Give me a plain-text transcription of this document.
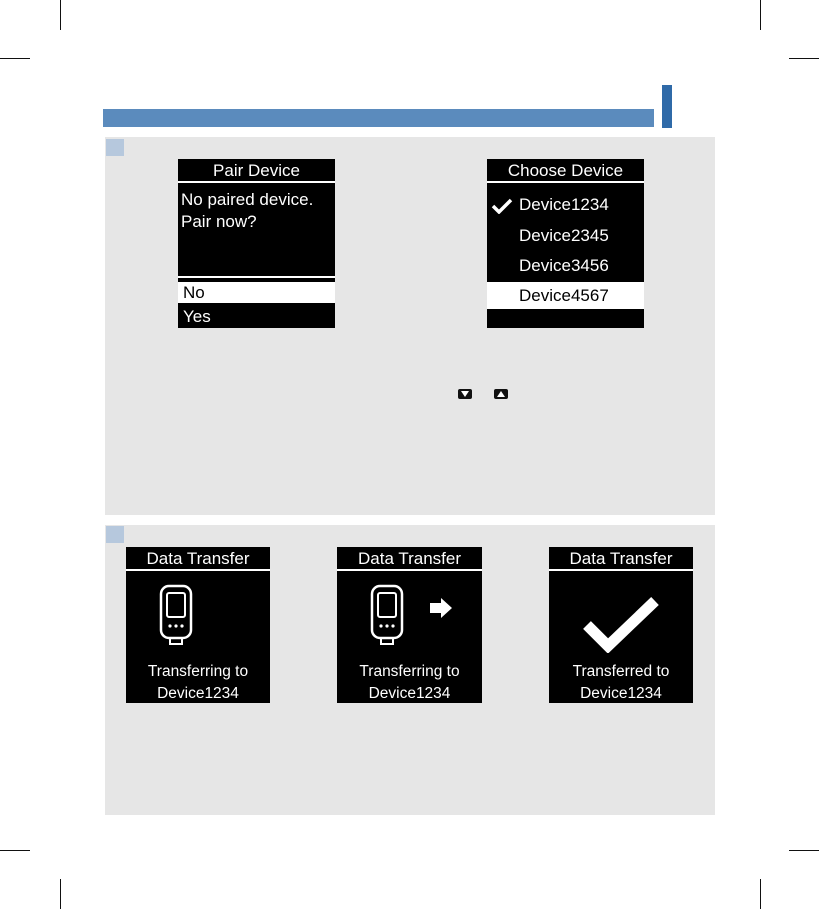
Pair Device
No paired device.
Pair now?
No
Yes
Choose Device
Device1234
Device2345
Device3456
Device4567
Data Transfer
Transferring to
Device1234
Data Transfer
Transferring to
Device1234
Data Transfer
Transferred to
Device1234
